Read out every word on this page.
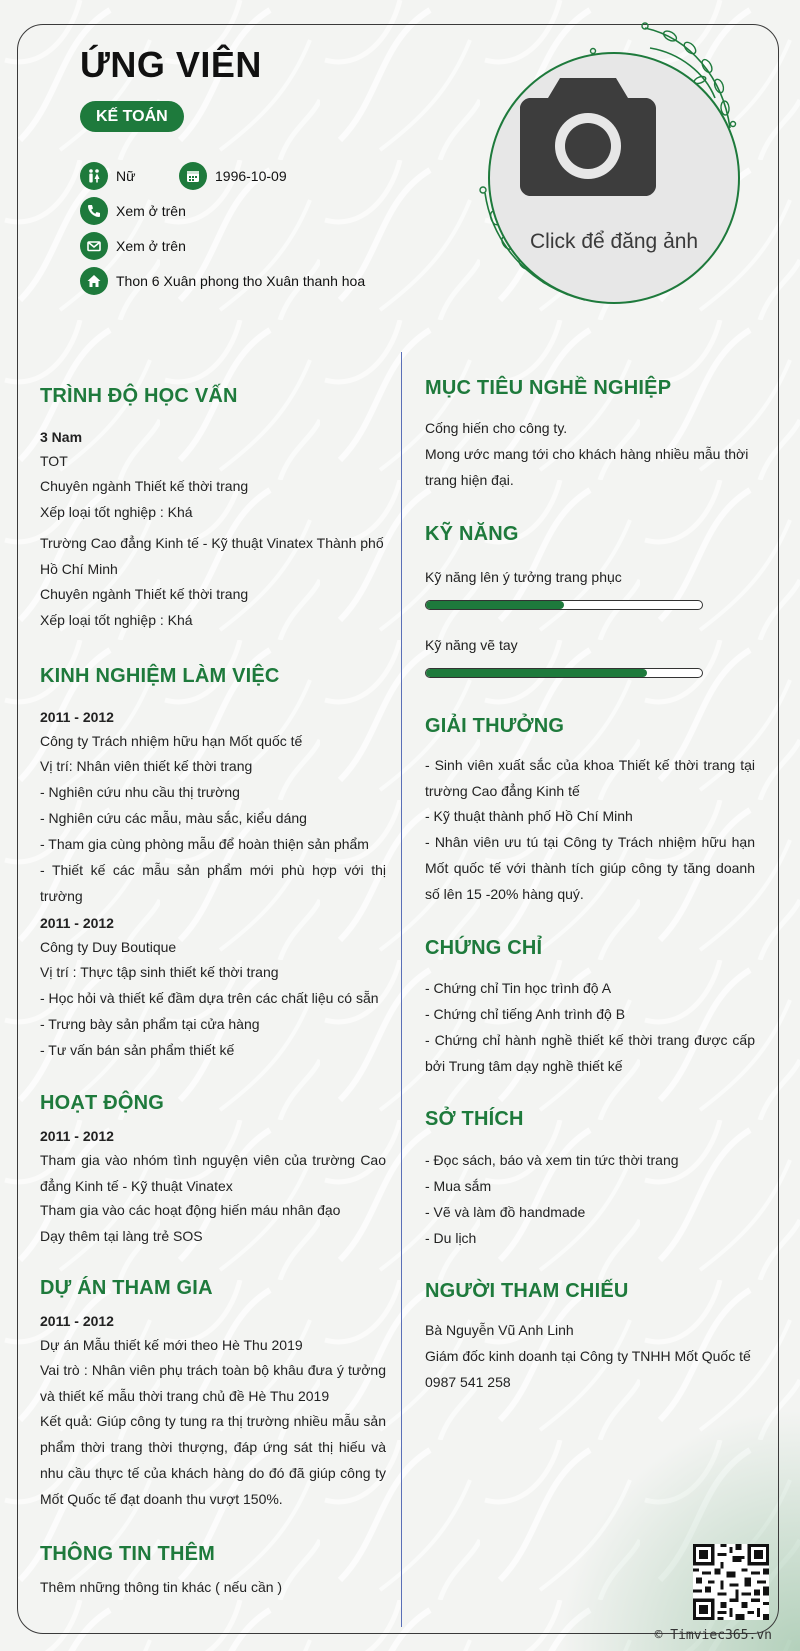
ỨNG VIÊN
KẾ TOÁN
Nữ	1996-10-09
Xem ở trên
Xem ở trên
Thon 6 Xuân phong tho Xuân thanh hoa
Click để đăng ảnh
TRÌNH ĐỘ HỌC VẤN
3 Nam
TOT
Chuyên ngành Thiết kế thời trang
Xếp loại tốt nghiệp : Khá
Trường Cao đẳng Kinh tế - Kỹ thuật Vinatex Thành phố Hồ Chí Minh
Chuyên ngành Thiết kế thời trang
Xếp loại tốt nghiệp : Khá
KINH NGHIỆM LÀM VIỆC
2011 - 2012
Công ty Trách nhiệm hữu hạn Mốt quốc tế
Vị trí: Nhân viên thiết kế thời trang
- Nghiên cứu nhu cầu thị trường
- Nghiên cứu các mẫu, màu sắc, kiểu dáng
- Tham gia cùng phòng mẫu để hoàn thiện sản phẩm
- Thiết kế các mẫu sản phẩm mới phù hợp với thị trường
2011 - 2012
Công ty Duy Boutique
Vị trí : Thực tập sinh thiết kế thời trang
- Học hỏi và thiết kế đầm dựa trên các chất liệu có sẵn
- Trưng bày sản phẩm tại cửa hàng
- Tư vấn bán sản phẩm thiết kế
HOẠT ĐỘNG
2011 - 2012
Tham gia vào nhóm tình nguyện viên của trường Cao đẳng Kinh tế - Kỹ thuật Vinatex
Tham gia vào các hoạt động hiến máu nhân đạo
Dạy thêm tại làng trẻ SOS
DỰ ÁN THAM GIA
2011 - 2012
Dự án Mẫu thiết kế mới theo Hè Thu 2019
Vai trò : Nhân viên phụ trách toàn bộ khâu đưa ý tưởng và thiết kế mẫu thời trang chủ đề Hè Thu 2019
Kết quả: Giúp công ty tung ra thị trường nhiều mẫu sản phẩm thời trang thời thượng, đáp ứng sát thị hiếu và nhu cầu thực tế của khách hàng do đó đã giúp công ty Mốt Quốc tế đạt doanh thu vượt 150%.
THÔNG TIN THÊM
Thêm những thông tin khác ( nếu cần )
MỤC TIÊU NGHỀ NGHIỆP
Cống hiến cho công ty.
Mong ước mang tới cho khách hàng nhiều mẫu thời trang hiện đại.
KỸ NĂNG
Kỹ năng lên ý tưởng trang phục
Kỹ năng vẽ tay
GIẢI THƯỞNG
- Sinh viên xuất sắc của khoa Thiết kế thời trang tại trường Cao đẳng Kinh tế
- Kỹ thuật thành phố Hồ Chí Minh
- Nhân viên ưu tú tại Công ty Trách nhiệm hữu hạn Mốt quốc tế với thành tích giúp công ty tăng doanh số lên 15 -20% hàng quý.
CHỨNG CHỈ
- Chứng chỉ Tin học trình độ A
- Chứng chỉ tiếng Anh trình độ B
- Chứng chỉ hành nghề thiết kế thời trang được cấp bởi Trung tâm dạy nghề thiết kế
SỞ THÍCH
- Đọc sách, báo và xem tin tức thời trang
- Mua sắm
- Vẽ và làm đồ handmade
- Du lịch
NGƯỜI THAM CHIẾU
Bà Nguyễn Vũ Anh Linh
Giám đốc kinh doanh tại Công ty TNHH Mốt Quốc tế
0987 541 258
© Timviec365.vn
